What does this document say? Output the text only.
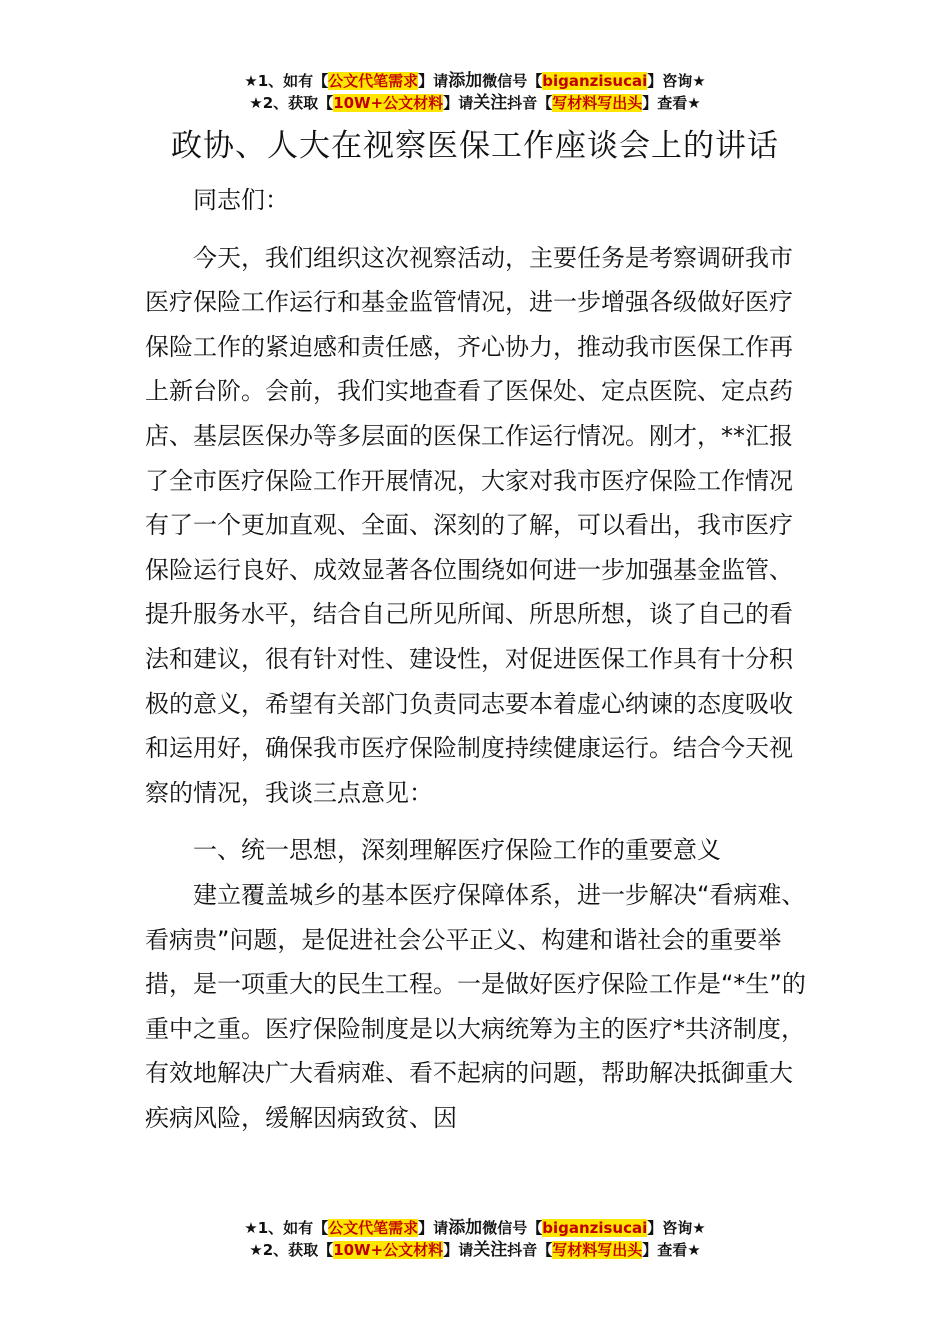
★1、如有【公文代笔需求】请添加微信号【biganzisucai】咨询★
★2、获取【10W+公文材料】请关注抖音【写材料写出头】查看★
政协、人大在视察医保工作座谈会上的讲话

同志们：

今天，我们组织这次视察活动，主要任务是考察调研我市医疗保险工作运行和基金监管情况，进一步增强各级做好医疗保险工作的紧迫感和责任感，齐心协力，推动我市医保工作再上新台阶。会前，我们实地查看了医保处、定点医院、定点药店、基层医保办等多层面的医保工作运行情况。刚才，**汇报了全市医疗保险工作开展情况，大家对我市医疗保险工作情况有了一个更加直观、全面、深刻的了解，可以看出，我市医疗保险运行良好、成效显著各位围绕如何进一步加强基金监管、提升服务水平，结合自己所见所闻、所思所想，谈了自己的看法和建议，很有针对性、建设性，对促进医保工作具有十分积极的意义，希望有关部门负责同志要本着虚心纳谏的态度吸收和运用好，确保我市医疗保险制度持续健康运行。结合今天视察的情况，我谈三点意见：

一、统一思想，深刻理解医疗保险工作的重要意义

建立覆盖城乡的基本医疗保障体系，进一步解决“看病难、看病贵”问题，是促进社会公平正义、构建和谐社会的重要举措，是一项重大的民生工程。一是做好医疗保险工作是“*生”的重中之重。医疗保险制度是以大病统筹为主的医疗*共济制度，有效地解决广大看病难、看不起病的问题，帮助解决抵御重大疾病风险，缓解因病致贫、因

★1、如有【公文代笔需求】请添加微信号【biganzisucai】咨询★
★2、获取【10W+公文材料】请关注抖音【写材料写出头】查看★
